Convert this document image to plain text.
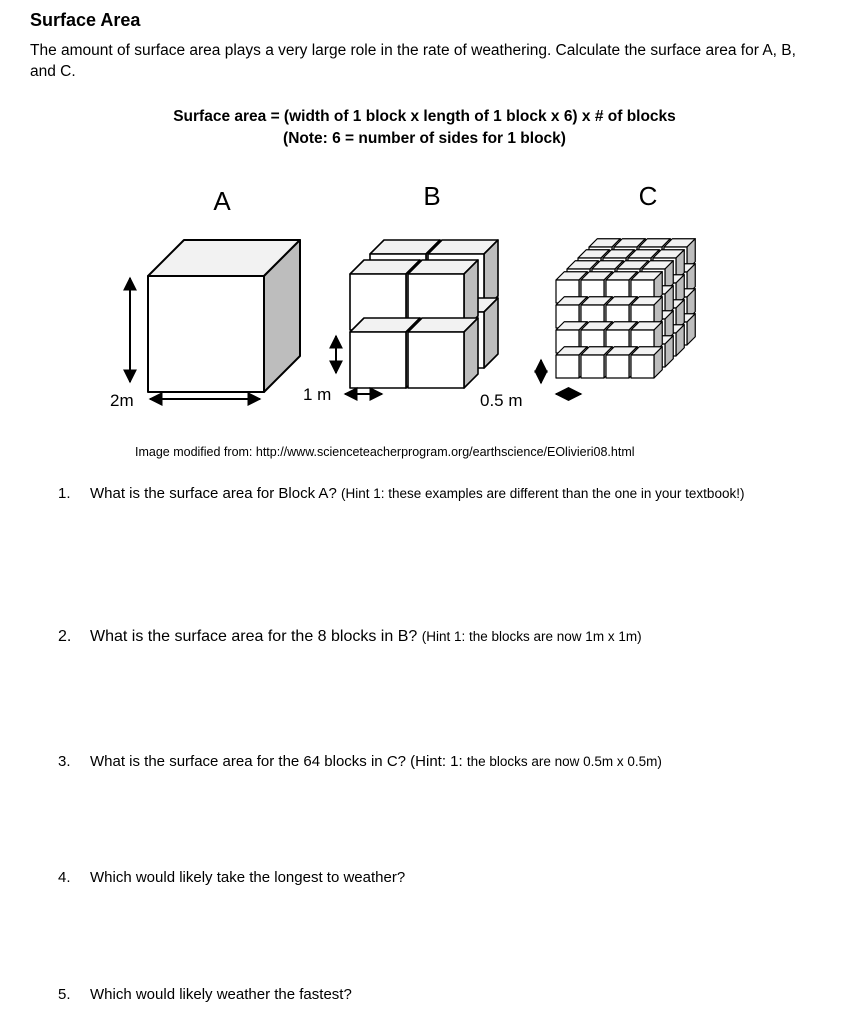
Surface Area
The amount of surface area plays a very large role in the rate of weathering. Calculate the surface area for A, B, and C.
Surface area = (width of 1 block x length of 1 block x 6) x # of blocks
(Note: 6 = number of sides for 1 block)
A	B	C
2m	1 m	0.5 m
Image modified from: http://www.scienceteacherprogram.org/earthscience/EOlivieri08.html
1.	What is the surface area for Block A? (Hint 1: these examples are different than the one in your textbook!)
2.	What is the surface area for the 8 blocks in B? (Hint 1: the blocks are now 1m x 1m)
3.	What is the surface area for the 64 blocks in C? (Hint: 1: the blocks are now 0.5m x 0.5m)
4.	Which would likely take the longest to weather?
5.	Which would likely weather the fastest?
